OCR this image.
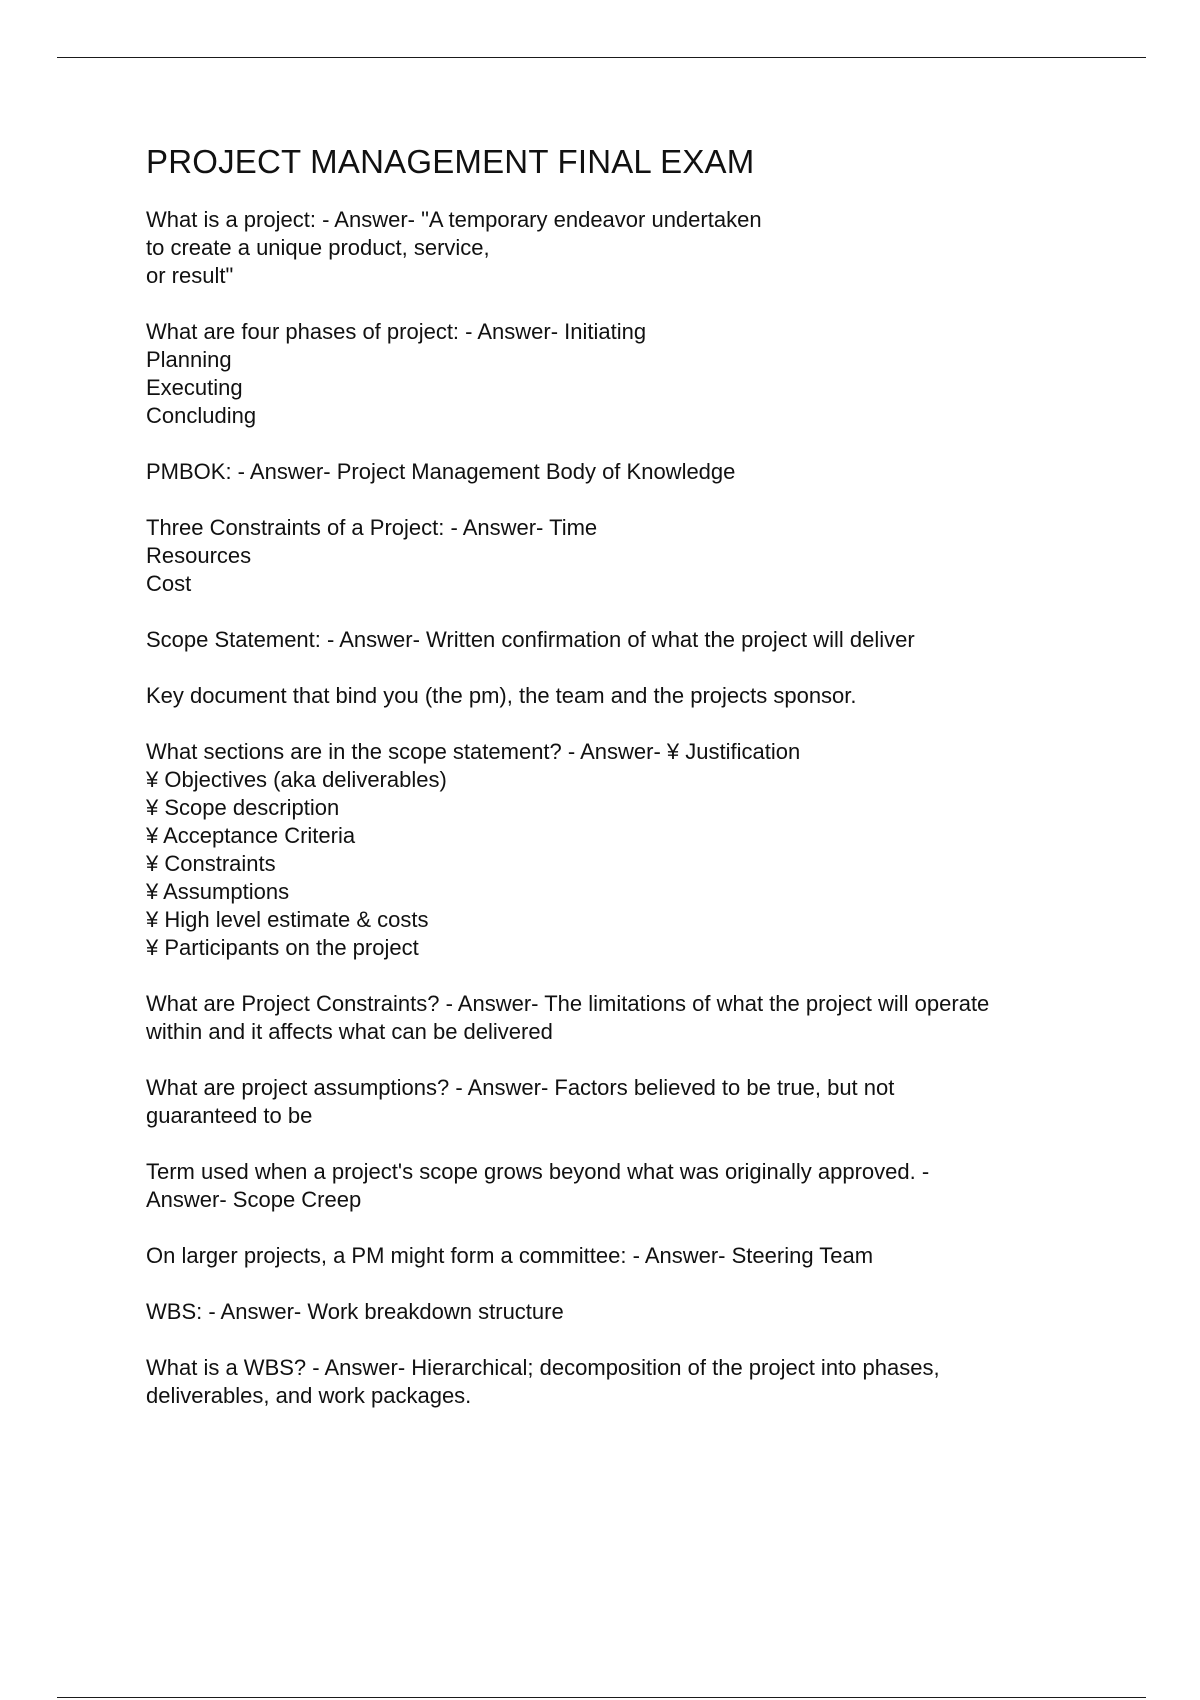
PROJECT MANAGEMENT FINAL EXAM

What is a project: - Answer- "A temporary endeavor undertaken
to create a unique product, service,
or result"

What are four phases of project: - Answer- Initiating
Planning
Executing
Concluding

PMBOK: - Answer- Project Management Body of Knowledge

Three Constraints of a Project: - Answer- Time
Resources
Cost

Scope Statement: - Answer- Written confirmation of what the project will deliver

Key document that bind you (the pm), the team and the projects sponsor.

What sections are in the scope statement? - Answer- ¥ Justification
¥ Objectives (aka deliverables)
¥ Scope description
¥ Acceptance Criteria
¥ Constraints
¥ Assumptions
¥ High level estimate & costs
¥ Participants on the project

What are Project Constraints? - Answer- The limitations of what the project will operate
within and it affects what can be delivered

What are project assumptions? - Answer- Factors believed to be true, but not
guaranteed to be

Term used when a project's scope grows beyond what was originally approved. -
Answer- Scope Creep

On larger projects, a PM might form a committee: - Answer- Steering Team

WBS: - Answer- Work breakdown structure

What is a WBS? - Answer- Hierarchical; decomposition of the project into phases,
deliverables, and work packages.
